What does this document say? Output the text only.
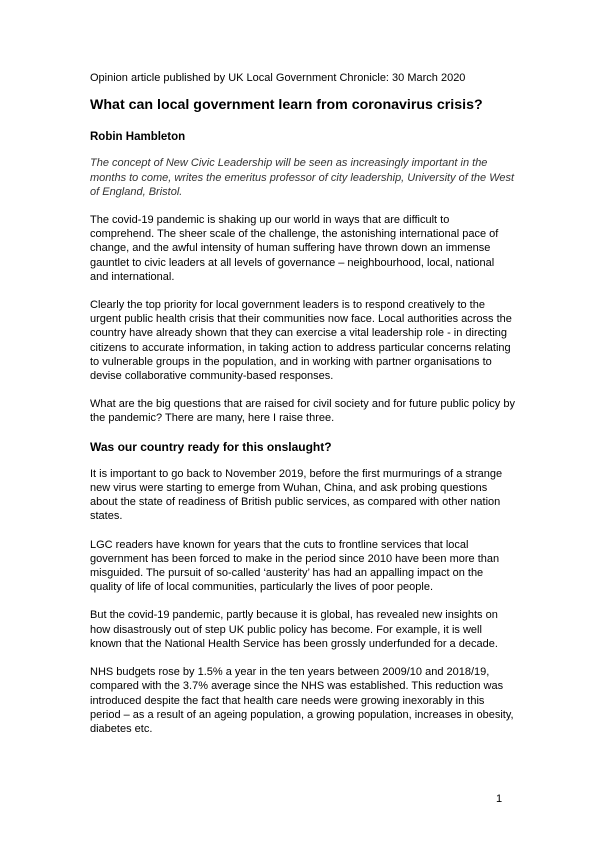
Opinion article published by UK Local Government Chronicle: 30 March 2020

What can local government learn from coronavirus crisis?

Robin Hambleton

The concept of New Civic Leadership will be seen as increasingly important in the months to come, writes the emeritus professor of city leadership, University of the West of England, Bristol.

The covid-19 pandemic is shaking up our world in ways that are difficult to comprehend. The sheer scale of the challenge, the astonishing international pace of change, and the awful intensity of human suffering have thrown down an immense gauntlet to civic leaders at all levels of governance – neighbourhood, local, national and international.

Clearly the top priority for local government leaders is to respond creatively to the urgent public health crisis that their communities now face. Local authorities across the country have already shown that they can exercise a vital leadership role - in directing citizens to accurate information, in taking action to address particular concerns relating to vulnerable groups in the population, and in working with partner organisations to devise collaborative community-based responses.

What are the big questions that are raised for civil society and for future public policy by the pandemic? There are many, here I raise three.

Was our country ready for this onslaught?

It is important to go back to November 2019, before the first murmurings of a strange new virus were starting to emerge from Wuhan, China, and ask probing questions about the state of readiness of British public services, as compared with other nation states.

LGC readers have known for years that the cuts to frontline services that local government has been forced to make in the period since 2010 have been more than misguided. The pursuit of so-called ‘austerity’ has had an appalling impact on the quality of life of local communities, particularly the lives of poor people.

But the covid-19 pandemic, partly because it is global, has revealed new insights on how disastrously out of step UK public policy has become. For example, it is well known that the National Health Service has been grossly underfunded for a decade.

NHS budgets rose by 1.5% a year in the ten years between 2009/10 and 2018/19, compared with the 3.7% average since the NHS was established. This reduction was introduced despite the fact that health care needs were growing inexorably in this period – as a result of an ageing population, a growing population, increases in obesity, diabetes etc.

1
